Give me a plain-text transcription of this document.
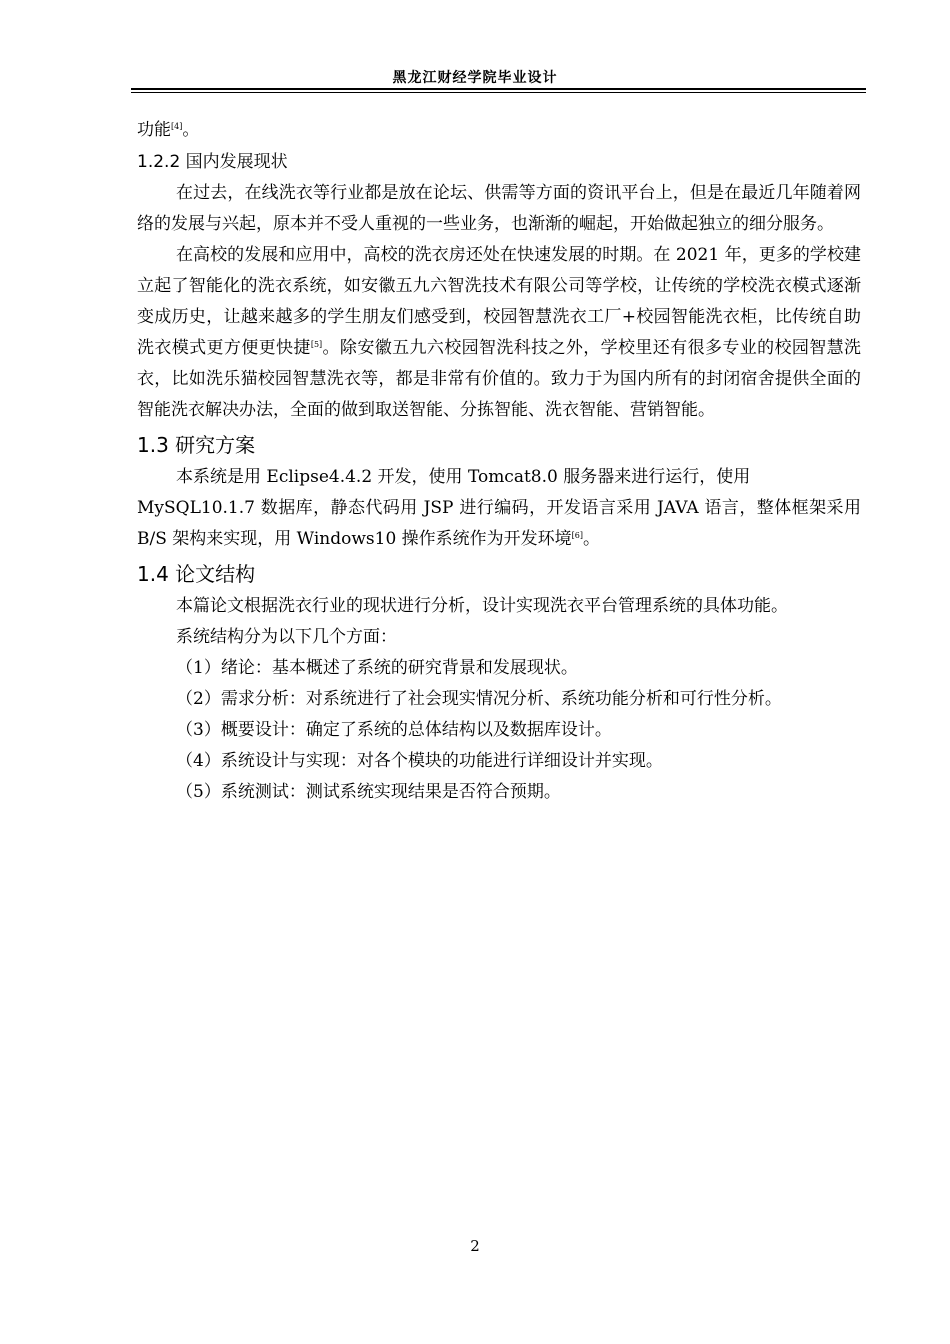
黑龙江财经学院毕业设计

功能[4]。

1.2.2 国内发展现状

在过去，在线洗衣等行业都是放在论坛、供需等方面的资讯平台上，但是在最近几年随着网络的发展与兴起，原本并不受人重视的一些业务，也渐渐的崛起，开始做起独立的细分服务。

在高校的发展和应用中，高校的洗衣房还处在快速发展的时期。在 2021 年，更多的学校建立起了智能化的洗衣系统，如安徽五九六智洗技术有限公司等学校，让传统的学校洗衣模式逐渐变成历史，让越来越多的学生朋友们感受到，校园智慧洗衣工厂+校园智能洗衣柜，比传统自助洗衣模式更方便更快捷[5]。除安徽五九六校园智洗科技之外，学校里还有很多专业的校园智慧洗衣，比如洗乐猫校园智慧洗衣等，都是非常有价值的。致力于为国内所有的封闭宿舍提供全面的智能洗衣解决办法，全面的做到取送智能、分拣智能、洗衣智能、营销智能。

1.3 研究方案

本系统是用 Eclipse4.4.2 开发，使用 Tomcat8.0 服务器来进行运行，使用

MySQL10.1.7 数据库，静态代码用 JSP 进行编码，开发语言采用 JAVA 语言，整体框架采用 B/S 架构来实现，用 Windows10 操作系统作为开发环境[6]。

1.4 论文结构

本篇论文根据洗衣行业的现状进行分析，设计实现洗衣平台管理系统的具体功能。

系统结构分为以下几个方面：

（1）绪论：基本概述了系统的研究背景和发展现状。
（2）需求分析：对系统进行了社会现实情况分析、系统功能分析和可行性分析。
（3）概要设计：确定了系统的总体结构以及数据库设计。
（4）系统设计与实现：对各个模块的功能进行详细设计并实现。
（5）系统测试：测试系统实现结果是否符合预期。
2
